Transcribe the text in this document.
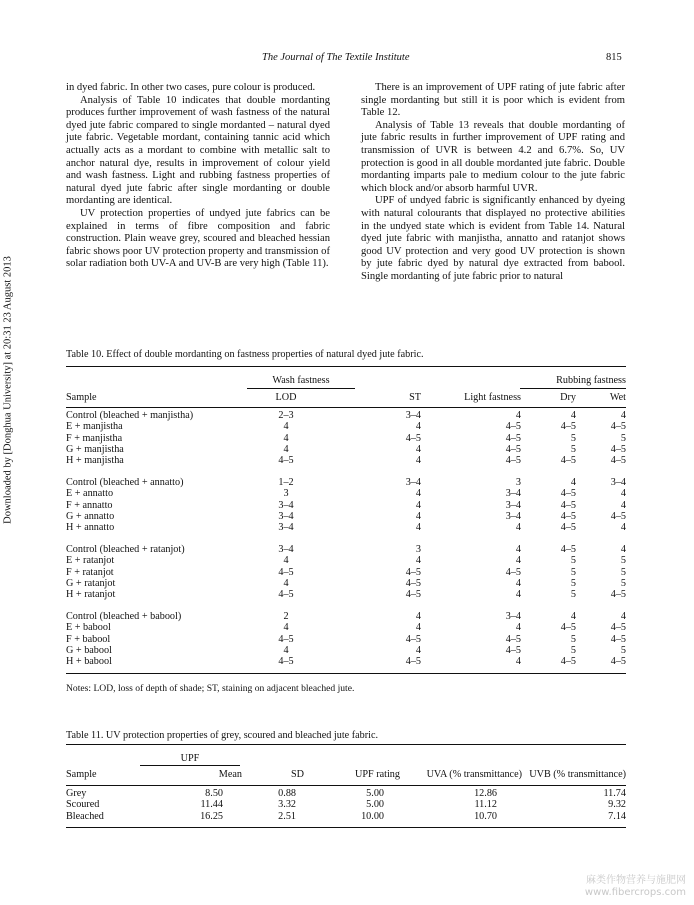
The Journal of The Textile Institute	815
Downloaded by [Donghua University] at 20:31 23 August 2013

in dyed fabric. In other two cases, pure colour is produced.

Analysis of Table 10 indicates that double mordanting produces further improvement of wash fastness of the natural dyed jute fabric compared to single mordanted – natural dyed jute fabric. Vegetable mordant, containing tannic acid which actually acts as a mordant to combine with metallic salt to anchor natural dye, results in improvement of colour yield and wash fastness. Light and rubbing fastness properties of natural dyed jute fabric after single mordanting or double mordanting are identical.

UV protection properties of undyed jute fabrics can be explained in terms of fibre composition and fabric construction. Plain weave grey, scoured and bleached hessian fabric shows poor UV protection property and transmission of solar radiation both UV-A and UV-B are very high (Table 11).

There is an improvement of UPF rating of jute fabric after single mordanting but still it is poor which is evident from Table 12.

Analysis of Table 13 reveals that double mordanting of jute fabric results in further improvement of UPF rating and transmission of UVR is between 4.2 and 6.7%. So, UV protection is good in all double mordanted jute fabric. Double mordanting imparts pale to medium colour to the jute fabric which block and/or absorb harmful UVR.

UPF of undyed fabric is significantly enhanced by dyeing with natural colourants that displayed no protective abilities in the undyed state which is evident from Table 14. Natural dyed jute fabric with manjistha, annatto and ratanjot shows good UV protection and very good UV protection is shown by jute fabric dyed by natural dye extracted from babool. Single mordanting of jute fabric prior to natural

Table 10. Effect of double mordanting on fastness properties of natural dyed jute fabric.
Wash fastness	Rubbing fastness
Sample	LOD	ST	Light fastness	Dry	Wet
Control (bleached + manjistha)	2–3	3–4	4	4	4
E + manjistha	4	4	4–5	4–5	4–5
F + manjistha	4	4–5	4–5	5	5
G + manjistha	4	4	4–5	5	4–5
H + manjistha	4–5	4	4–5	4–5	4–5

Control (bleached + annatto)	1–2	3–4	3	4	3–4
E + annatto	3	4	3–4	4–5	4
F + annatto	3–4	4	3–4	4–5	4
G + annatto	3–4	4	3–4	4–5	4–5
H + annatto	3–4	4	4	4–5	4

Control (bleached + ratanjot)	3–4	3	4	4–5	4
E + ratanjot	4	4	4	5	5
F + ratanjot	4–5	4–5	4–5	5	5
G + ratanjot	4	4–5	4	5	5
H + ratanjot	4–5	4–5	4	5	4–5

Control (bleached + babool)	2	4	3–4	4	4
E + babool	4	4	4	4–5	4–5
F + babool	4–5	4–5	4–5	5	4–5
G + babool	4	4	4–5	5	5
H + babool	4–5	4–5	4	4–5	4–5
Notes: LOD, loss of depth of shade; ST, staining on adjacent bleached jute.
Table 11. UV protection properties of grey, scoured and bleached jute fabric.
UPF
Sample	Mean	SD	UPF rating	UVA (% transmittance)	UVB (% transmittance)
Grey	8.50	0.88	5.00	12.86	11.74
Scoured	11.44	3.32	5.00	11.12	9.32
Bleached	16.25	2.51	10.00	10.70	7.14
麻类作物营养与施肥网
www.fibercrops.com
